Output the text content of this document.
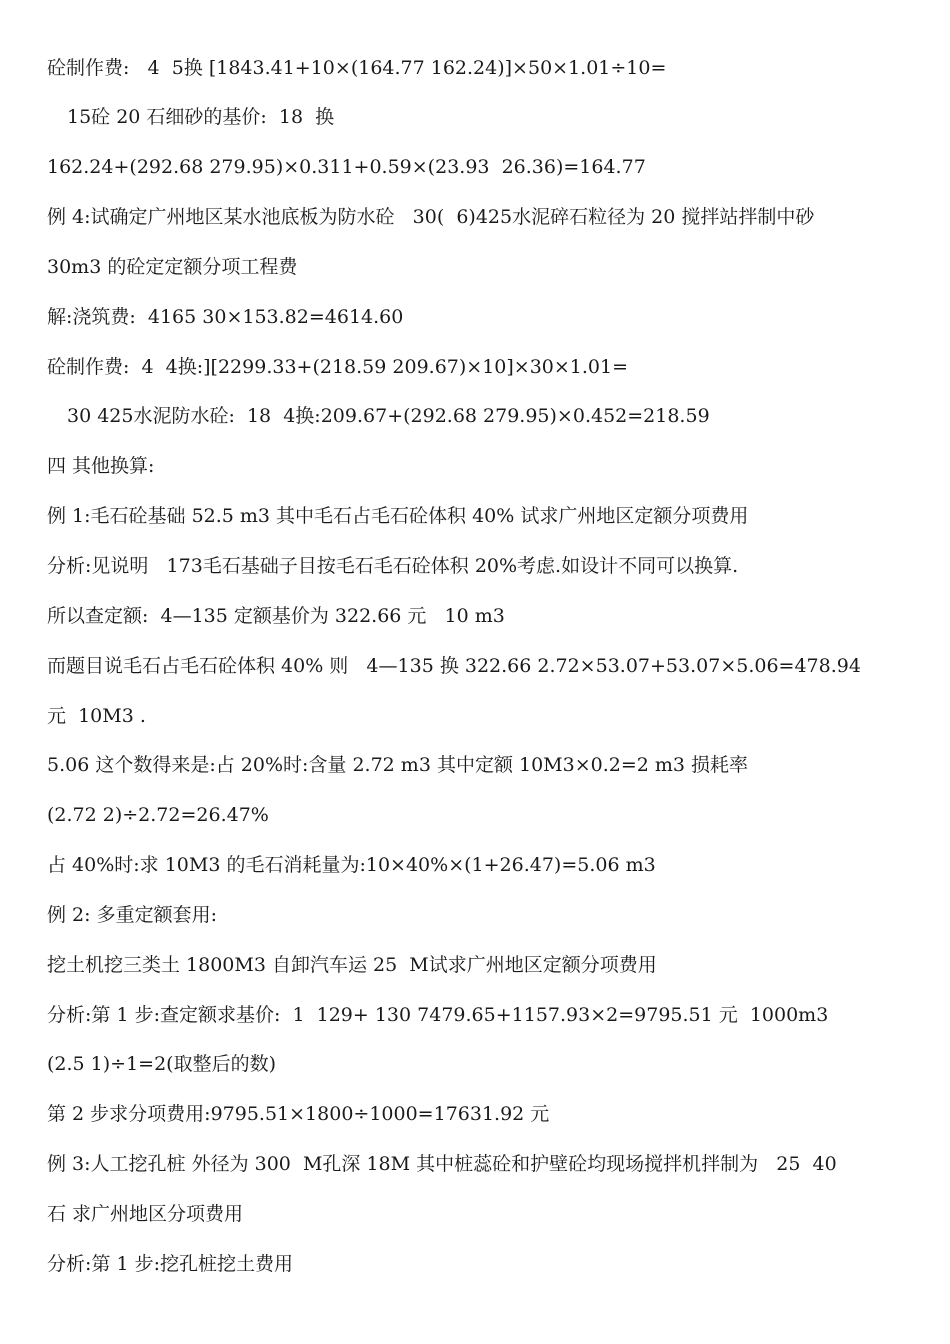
砼制作费:   4  5换 [1843.41+10×(164.77 162.24)]×50×1.01÷10=
15砼 20 石细砂的基价:  18  换
162.24+(292.68 279.95)×0.311+0.59×(23.93  26.36)=164.77
例 4:试确定广州地区某水池底板为防水砼   30(  6)425水泥碎石粒径为 20 搅拌站拌制中砂
30m3 的砼定定额分项工程费
解:浇筑费:  4165 30×153.82=4614.60
砼制作费:  4  4换:][2299.33+(218.59 209.67)×10]×30×1.01=
30 425水泥防水砼:  18  4换:209.67+(292.68 279.95)×0.452=218.59
四 其他换算:
例 1:毛石砼基础 52.5 m3 其中毛石占毛石砼体积 40% 试求广州地区定额分项费用
分析:见说明   173毛石基础子目按毛石毛石砼体积 20%考虑.如设计不同可以换算.
所以查定额:  4—135 定额基价为 322.66 元   10 m3
而题目说毛石占毛石砼体积 40% 则   4—135 换 322.66 2.72×53.07+53.07×5.06=478.94
元  10M3 .
5.06 这个数得来是:占 20%时:含量 2.72 m3 其中定额 10M3×0.2=2 m3 损耗率
(2.72 2)÷2.72=26.47%
占 40%时:求 10M3 的毛石消耗量为:10×40%×(1+26.47)=5.06 m3
例 2: 多重定额套用:
挖土机挖三类土 1800M3 自卸汽车运 25  M试求广州地区定额分项费用
分析:第 1 步:查定额求基价:  1  129+ 130 7479.65+1157.93×2=9795.51 元  1000m3
(2.5 1)÷1=2(取整后的数)
第 2 步求分项费用:9795.51×1800÷1000=17631.92 元
例 3:人工挖孔桩 外径为 300  M孔深 18M 其中桩蕊砼和护壁砼均现场搅拌机拌制为   25  40
石 求广州地区分项费用
分析:第 1 步:挖孔桩挖土费用
